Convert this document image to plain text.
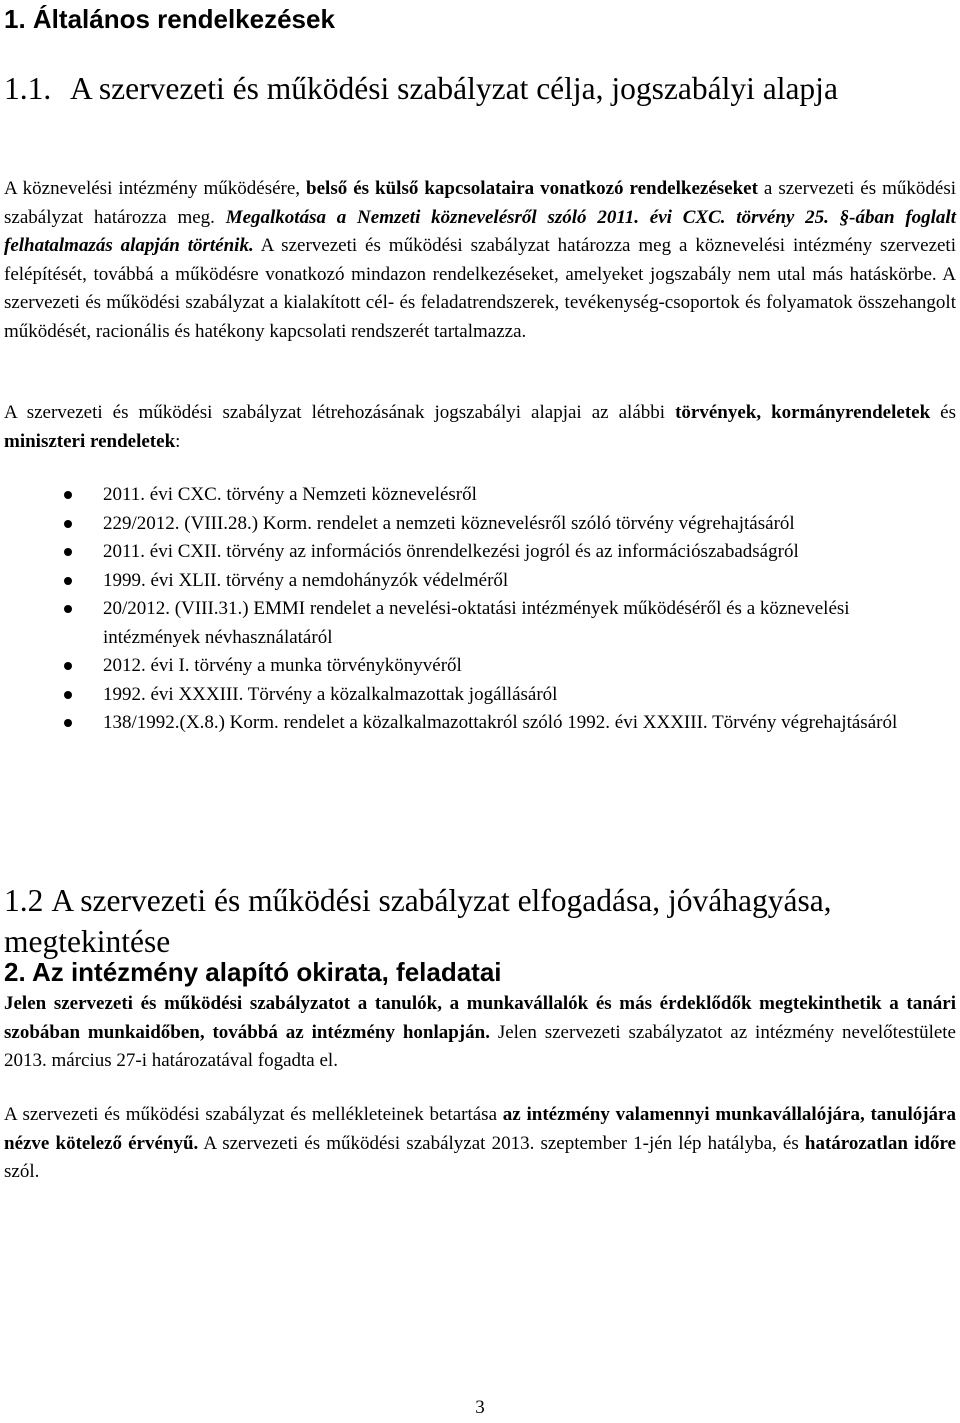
1. Általános rendelkezések
1.1. A szervezeti és működési szabályzat célja, jogszabályi alapja

A köznevelési intézmény működésére, belső és külső kapcsolataira vonatkozó rendelkezéseket a szervezeti és működési szabályzat határozza meg. Megalkotása a Nemzeti köznevelésről szóló 2011. évi CXC. törvény 25. §-ában foglalt felhatalmazás alapján történik. A szervezeti és működési szabályzat határozza meg a köznevelési intézmény szervezeti felépítését, továbbá a működésre vonatkozó mindazon rendelkezéseket, amelyeket jogszabály nem utal más hatáskörbe. A szervezeti és működési szabályzat a kialakított cél- és feladatrendszerek, tevékenység-csoportok és folyamatok összehangolt működését, racionális és hatékony kapcsolati rendszerét tartalmazza.

A szervezeti és működési szabályzat létrehozásának jogszabályi alapjai az alábbi törvények, kormányrendeletek és miniszteri rendeletek:

2011. évi CXC. törvény a Nemzeti köznevelésről
229/2012. (VIII.28.) Korm. rendelet a nemzeti köznevelésről szóló törvény végrehajtásáról
2011. évi CXII. törvény az információs önrendelkezési jogról és az információszabadságról
1999. évi XLII. törvény a nemdohányzók védelméről
20/2012. (VIII.31.) EMMI rendelet a nevelési-oktatási intézmények működéséről és a köznevelési intézmények névhasználatáról
2012. évi I. törvény a munka törvénykönyvéről
1992. évi XXXIII. Törvény a közalkalmazottak jogállásáról
138/1992.(X.8.) Korm. rendelet a közalkalmazottakról szóló 1992. évi XXXIII. Törvény végrehajtásáról
1.2 A szervezeti és működési szabályzat elfogadása, jóváhagyása, megtekintése

Jelen szervezeti és működési szabályzatot a tanulók, a munkavállalók és más érdeklődők megtekinthetik a tanári szobában munkaidőben, továbbá az intézmény honlapján. Jelen szervezeti szabályzatot az intézmény nevelőtestülete 2013. március 27-i határozatával fogadta el.

A szervezeti és működési szabályzat és mellékleteinek betartása az intézmény valamennyi munkavállalójára, tanulójára nézve kötelező érvényű. A szervezeti és működési szabályzat 2013. szeptember 1-jén lép hatályba, és határozatlan időre szól.

2. Az intézmény alapító okirata, feladatai
3
